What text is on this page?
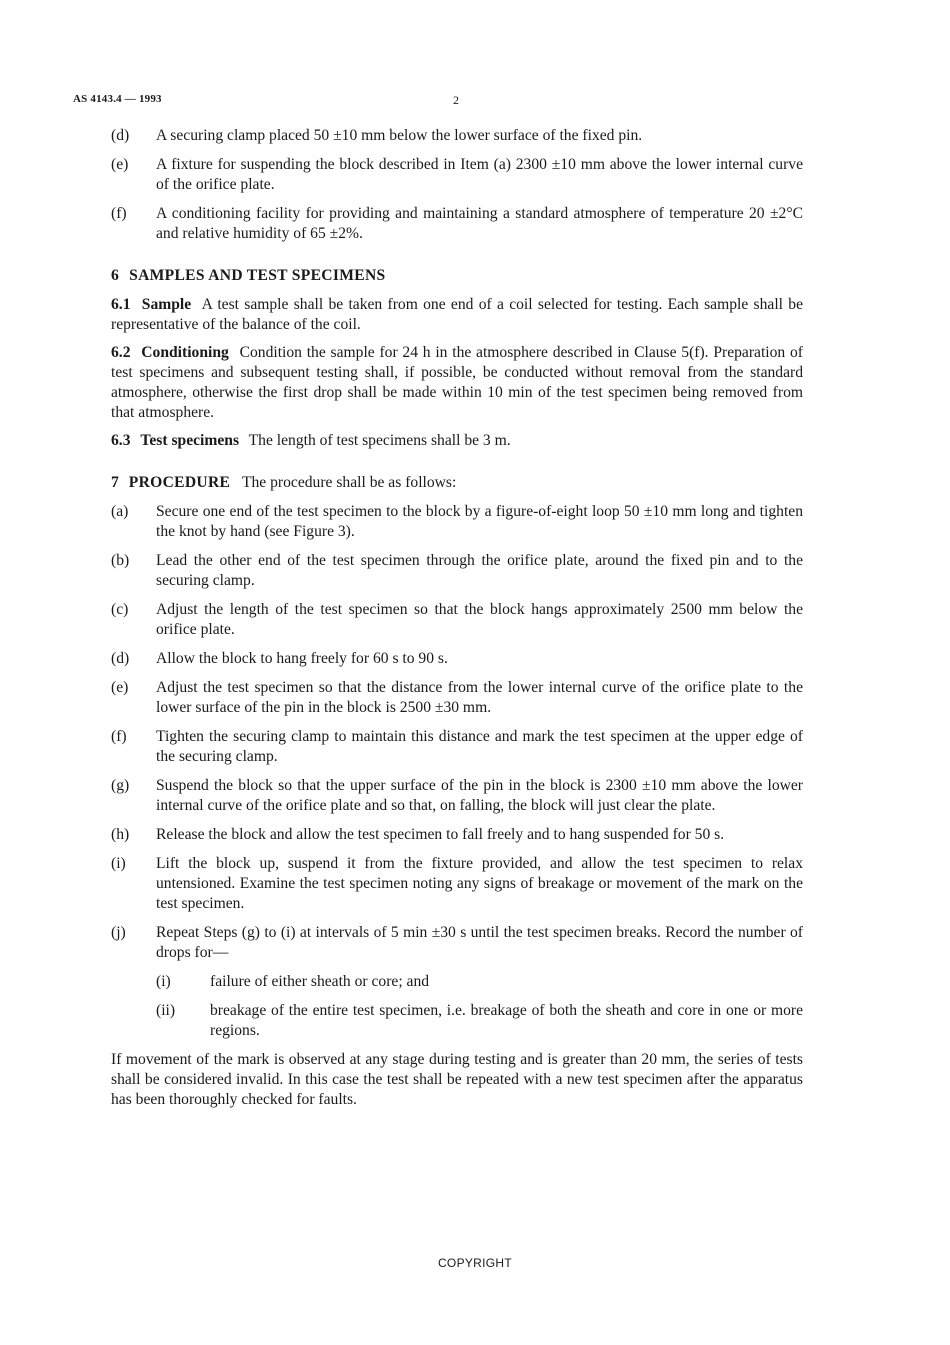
AS 4143.4 — 1993	2
(d)	A securing clamp placed 50 ±10 mm below the lower surface of the fixed pin.
(e)	A fixture for suspending the block described in Item (a) 2300 ±10 mm above the lower internal curve of the orifice plate.
(f)	A conditioning facility for providing and maintaining a standard atmosphere of temperature 20 ±2°C and relative humidity of 65 ±2%.
6 SAMPLES AND TEST SPECIMENS
6.1 Sample A test sample shall be taken from one end of a coil selected for testing. Each sample shall be representative of the balance of the coil.
6.2 Conditioning Condition the sample for 24 h in the atmosphere described in Clause 5(f). Preparation of test specimens and subsequent testing shall, if possible, be conducted without removal from the standard atmosphere, otherwise the first drop shall be made within 10 min of the test specimen being removed from that atmosphere.
6.3 Test specimens The length of test specimens shall be 3 m.
7 PROCEDURE The procedure shall be as follows:
(a)	Secure one end of the test specimen to the block by a figure-of-eight loop 50 ±10 mm long and tighten the knot by hand (see Figure 3).
(b)	Lead the other end of the test specimen through the orifice plate, around the fixed pin and to the securing clamp.
(c)	Adjust the length of the test specimen so that the block hangs approximately 2500 mm below the orifice plate.
(d)	Allow the block to hang freely for 60 s to 90 s.
(e)	Adjust the test specimen so that the distance from the lower internal curve of the orifice plate to the lower surface of the pin in the block is 2500 ±30 mm.
(f)	Tighten the securing clamp to maintain this distance and mark the test specimen at the upper edge of the securing clamp.
(g)	Suspend the block so that the upper surface of the pin in the block is 2300 ±10 mm above the lower internal curve of the orifice plate and so that, on falling, the block will just clear the plate.
(h)	Release the block and allow the test specimen to fall freely and to hang suspended for 50 s.
(i)	Lift the block up, suspend it from the fixture provided, and allow the test specimen to relax untensioned. Examine the test specimen noting any signs of breakage or movement of the mark on the test specimen.
(j)	Repeat Steps (g) to (i) at intervals of 5 min ±30 s until the test specimen breaks. Record the number of drops for—
(i)	failure of either sheath or core; and
(ii)	breakage of the entire test specimen, i.e. breakage of both the sheath and core in one or more regions.
If movement of the mark is observed at any stage during testing and is greater than 20 mm, the series of tests shall be considered invalid. In this case the test shall be repeated with a new test specimen after the apparatus has been thoroughly checked for faults.
COPYRIGHT
